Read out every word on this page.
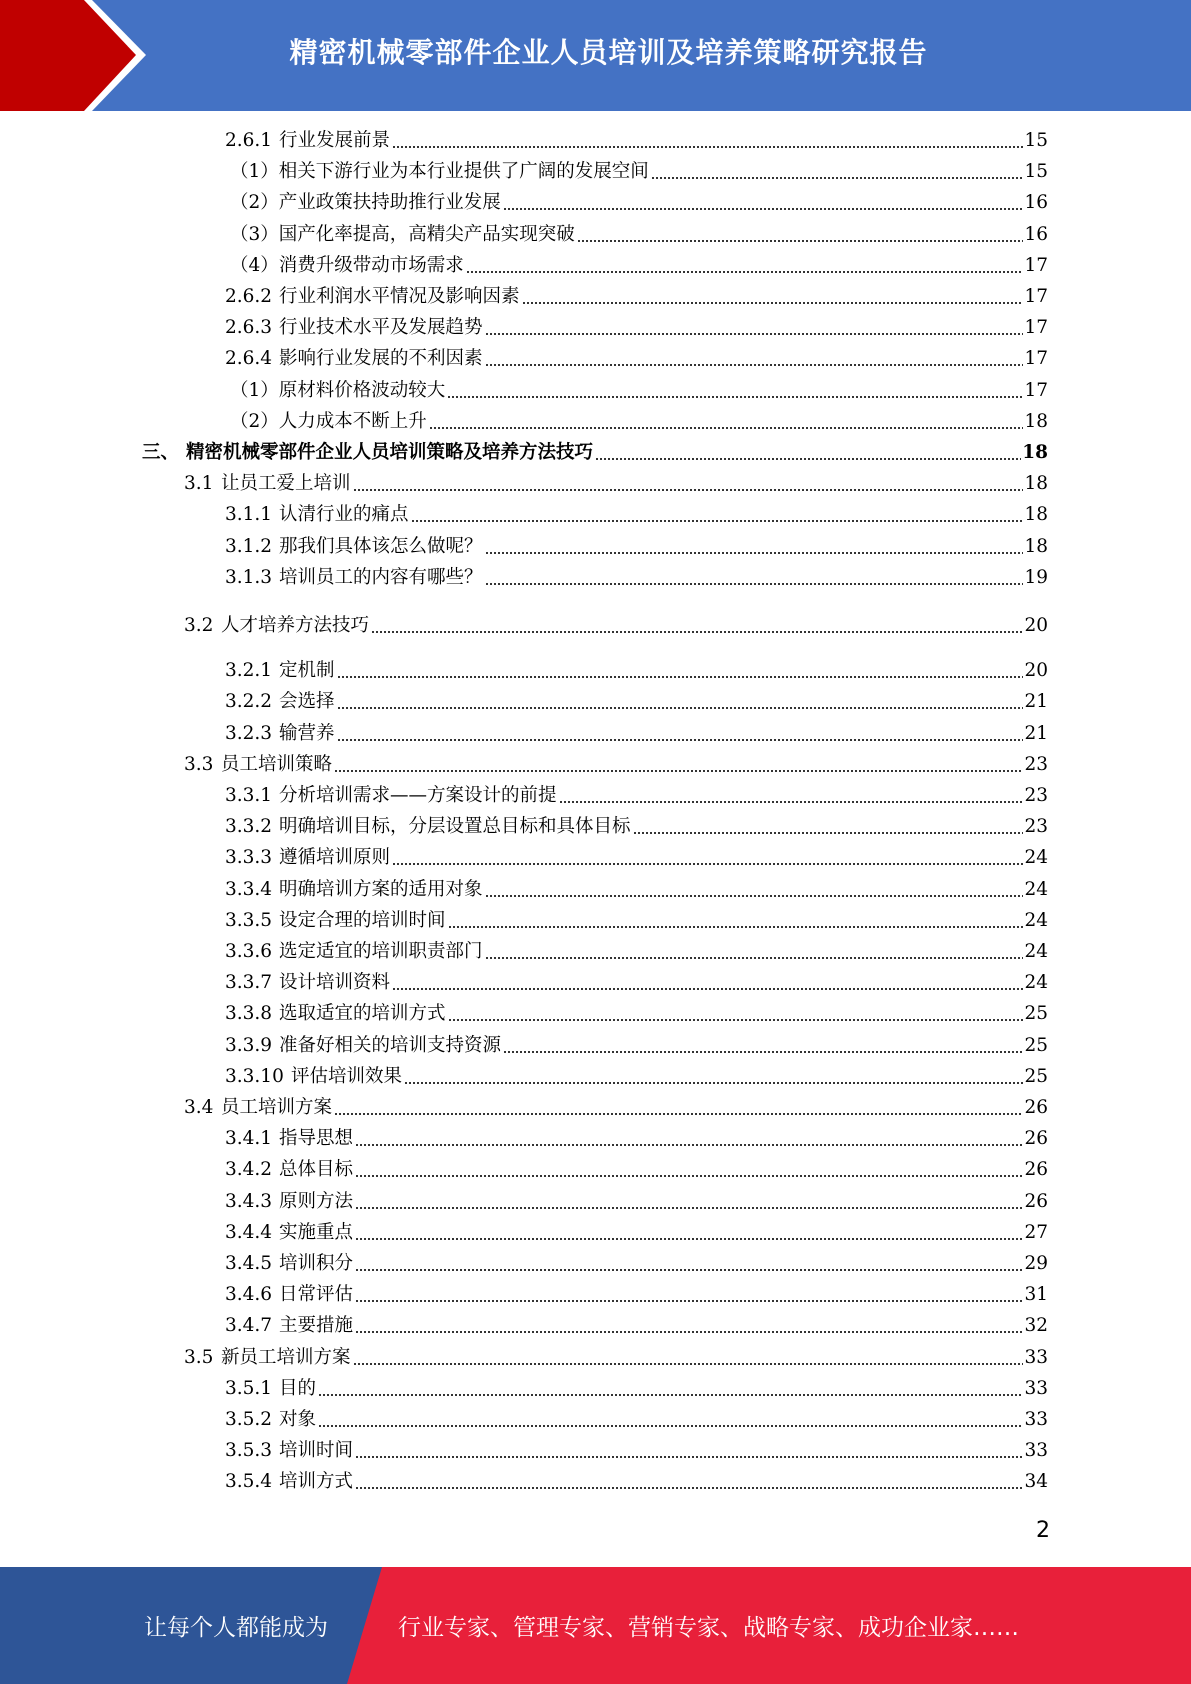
精密机械零部件企业人员培训及培养策略研究报告
2.6.1 行业发展前景	15
（1） 相关下游行业为本行业提供了广阔的发展空间	15
（2） 产业政策扶持助推行业发展	16
（3） 国产化率提高，高精尖产品实现突破	16
（4） 消费升级带动市场需求	17
2.6.2 行业利润水平情况及影响因素	17
2.6.3 行业技术水平及发展趋势	17
2.6.4 影响行业发展的不利因素	17
（1） 原材料价格波动较大	17
（2） 人力成本不断上升	18
三、 精密机械零部件企业人员培训策略及培养方法技巧	18
3.1 让员工爱上培训	18
3.1.1 认清行业的痛点	18
3.1.2 那我们具体该怎么做呢？	18
3.1.3 培训员工的内容有哪些？	19
3.2 人才培养方法技巧	20
3.2.1 定机制	20
3.2.2 会选择	21
3.2.3 输营养	21
3.3 员工培训策略	23
3.3.1 分析培训需求——方案设计的前提	23
3.3.2 明确培训目标，分层设置总目标和具体目标	23
3.3.3 遵循培训原则	24
3.3.4 明确培训方案的适用对象	24
3.3.5 设定合理的培训时间	24
3.3.6 选定适宜的培训职责部门	24
3.3.7 设计培训资料	24
3.3.8 选取适宜的培训方式	25
3.3.9 准备好相关的培训支持资源	25
3.3.10 评估培训效果	25
3.4 员工培训方案	26
3.4.1 指导思想	26
3.4.2 总体目标	26
3.4.3 原则方法	26
3.4.4 实施重点	27
3.4.5 培训积分	29
3.4.6 日常评估	31
3.4.7 主要措施	32
3.5 新员工培训方案	33
3.5.1 目的	33
3.5.2 对象	33
3.5.3 培训时间	33
3.5.4 培训方式	34
2
让每个人都能成为	行业专家、管理专家、营销专家、战略专家、成功企业家……
